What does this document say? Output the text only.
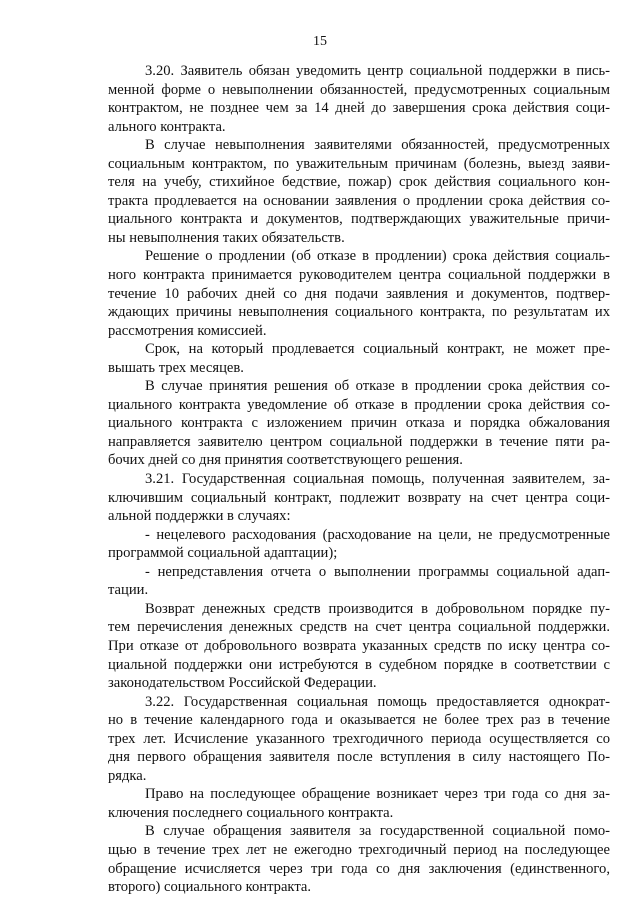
15
3.20. Заявитель обязан уведомить центр социальной поддержки в пись-
менной форме о невыполнении обязанностей, предусмотренных социальным
контрактом, не позднее чем за 14 дней до завершения срока действия соци-
ального контракта.
В случае невыполнения заявителями обязанностей, предусмотренных
социальным контрактом, по уважительным причинам (болезнь, выезд заяви-
теля на учебу, стихийное бедствие, пожар) срок действия социального кон-
тракта продлевается на основании заявления о продлении срока действия со-
циального контракта и документов, подтверждающих уважительные причи-
ны невыполнения таких обязательств.
Решение о продлении (об отказе в продлении) срока действия социаль-
ного контракта принимается руководителем центра социальной поддержки в
течение 10 рабочих дней со дня подачи заявления и документов, подтвер-
ждающих причины невыполнения социального контракта, по результатам их
рассмотрения комиссией.
Срок, на который продлевается социальный контракт, не может пре-
вышать трех месяцев.
В случае принятия решения об отказе в продлении срока действия со-
циального контракта уведомление об отказе в продлении срока действия со-
циального контракта с изложением причин отказа и порядка обжалования
направляется заявителю центром социальной поддержки в течение пяти ра-
бочих дней со дня принятия соответствующего решения.
3.21. Государственная социальная помощь, полученная заявителем, за-
ключившим социальный контракт, подлежит возврату на счет центра соци-
альной поддержки в случаях:
- нецелевого расходования (расходование на цели, не предусмотренные
программой социальной адаптации);
- непредставления отчета о выполнении программы социальной адап-
тации.
Возврат денежных средств производится в добровольном порядке пу-
тем перечисления денежных средств на счет центра социальной поддержки.
При отказе от добровольного возврата указанных средств по иску центра со-
циальной поддержки они истребуются в судебном порядке в соответствии с
законодательством Российской Федерации.
3.22. Государственная социальная помощь предоставляется однократ-
но в течение календарного года и оказывается не более трех раз в течение
трех лет. Исчисление указанного трехгодичного периода осуществляется со
дня первого обращения заявителя после вступления в силу настоящего По-
рядка.
Право на последующее обращение возникает через три года со дня за-
ключения последнего социального контракта.
В случае обращения заявителя за государственной социальной помо-
щью в течение трех лет не ежегодно трехгодичный период на последующее
обращение исчисляется через три года со дня заключения (единственного,
второго) социального контракта.
